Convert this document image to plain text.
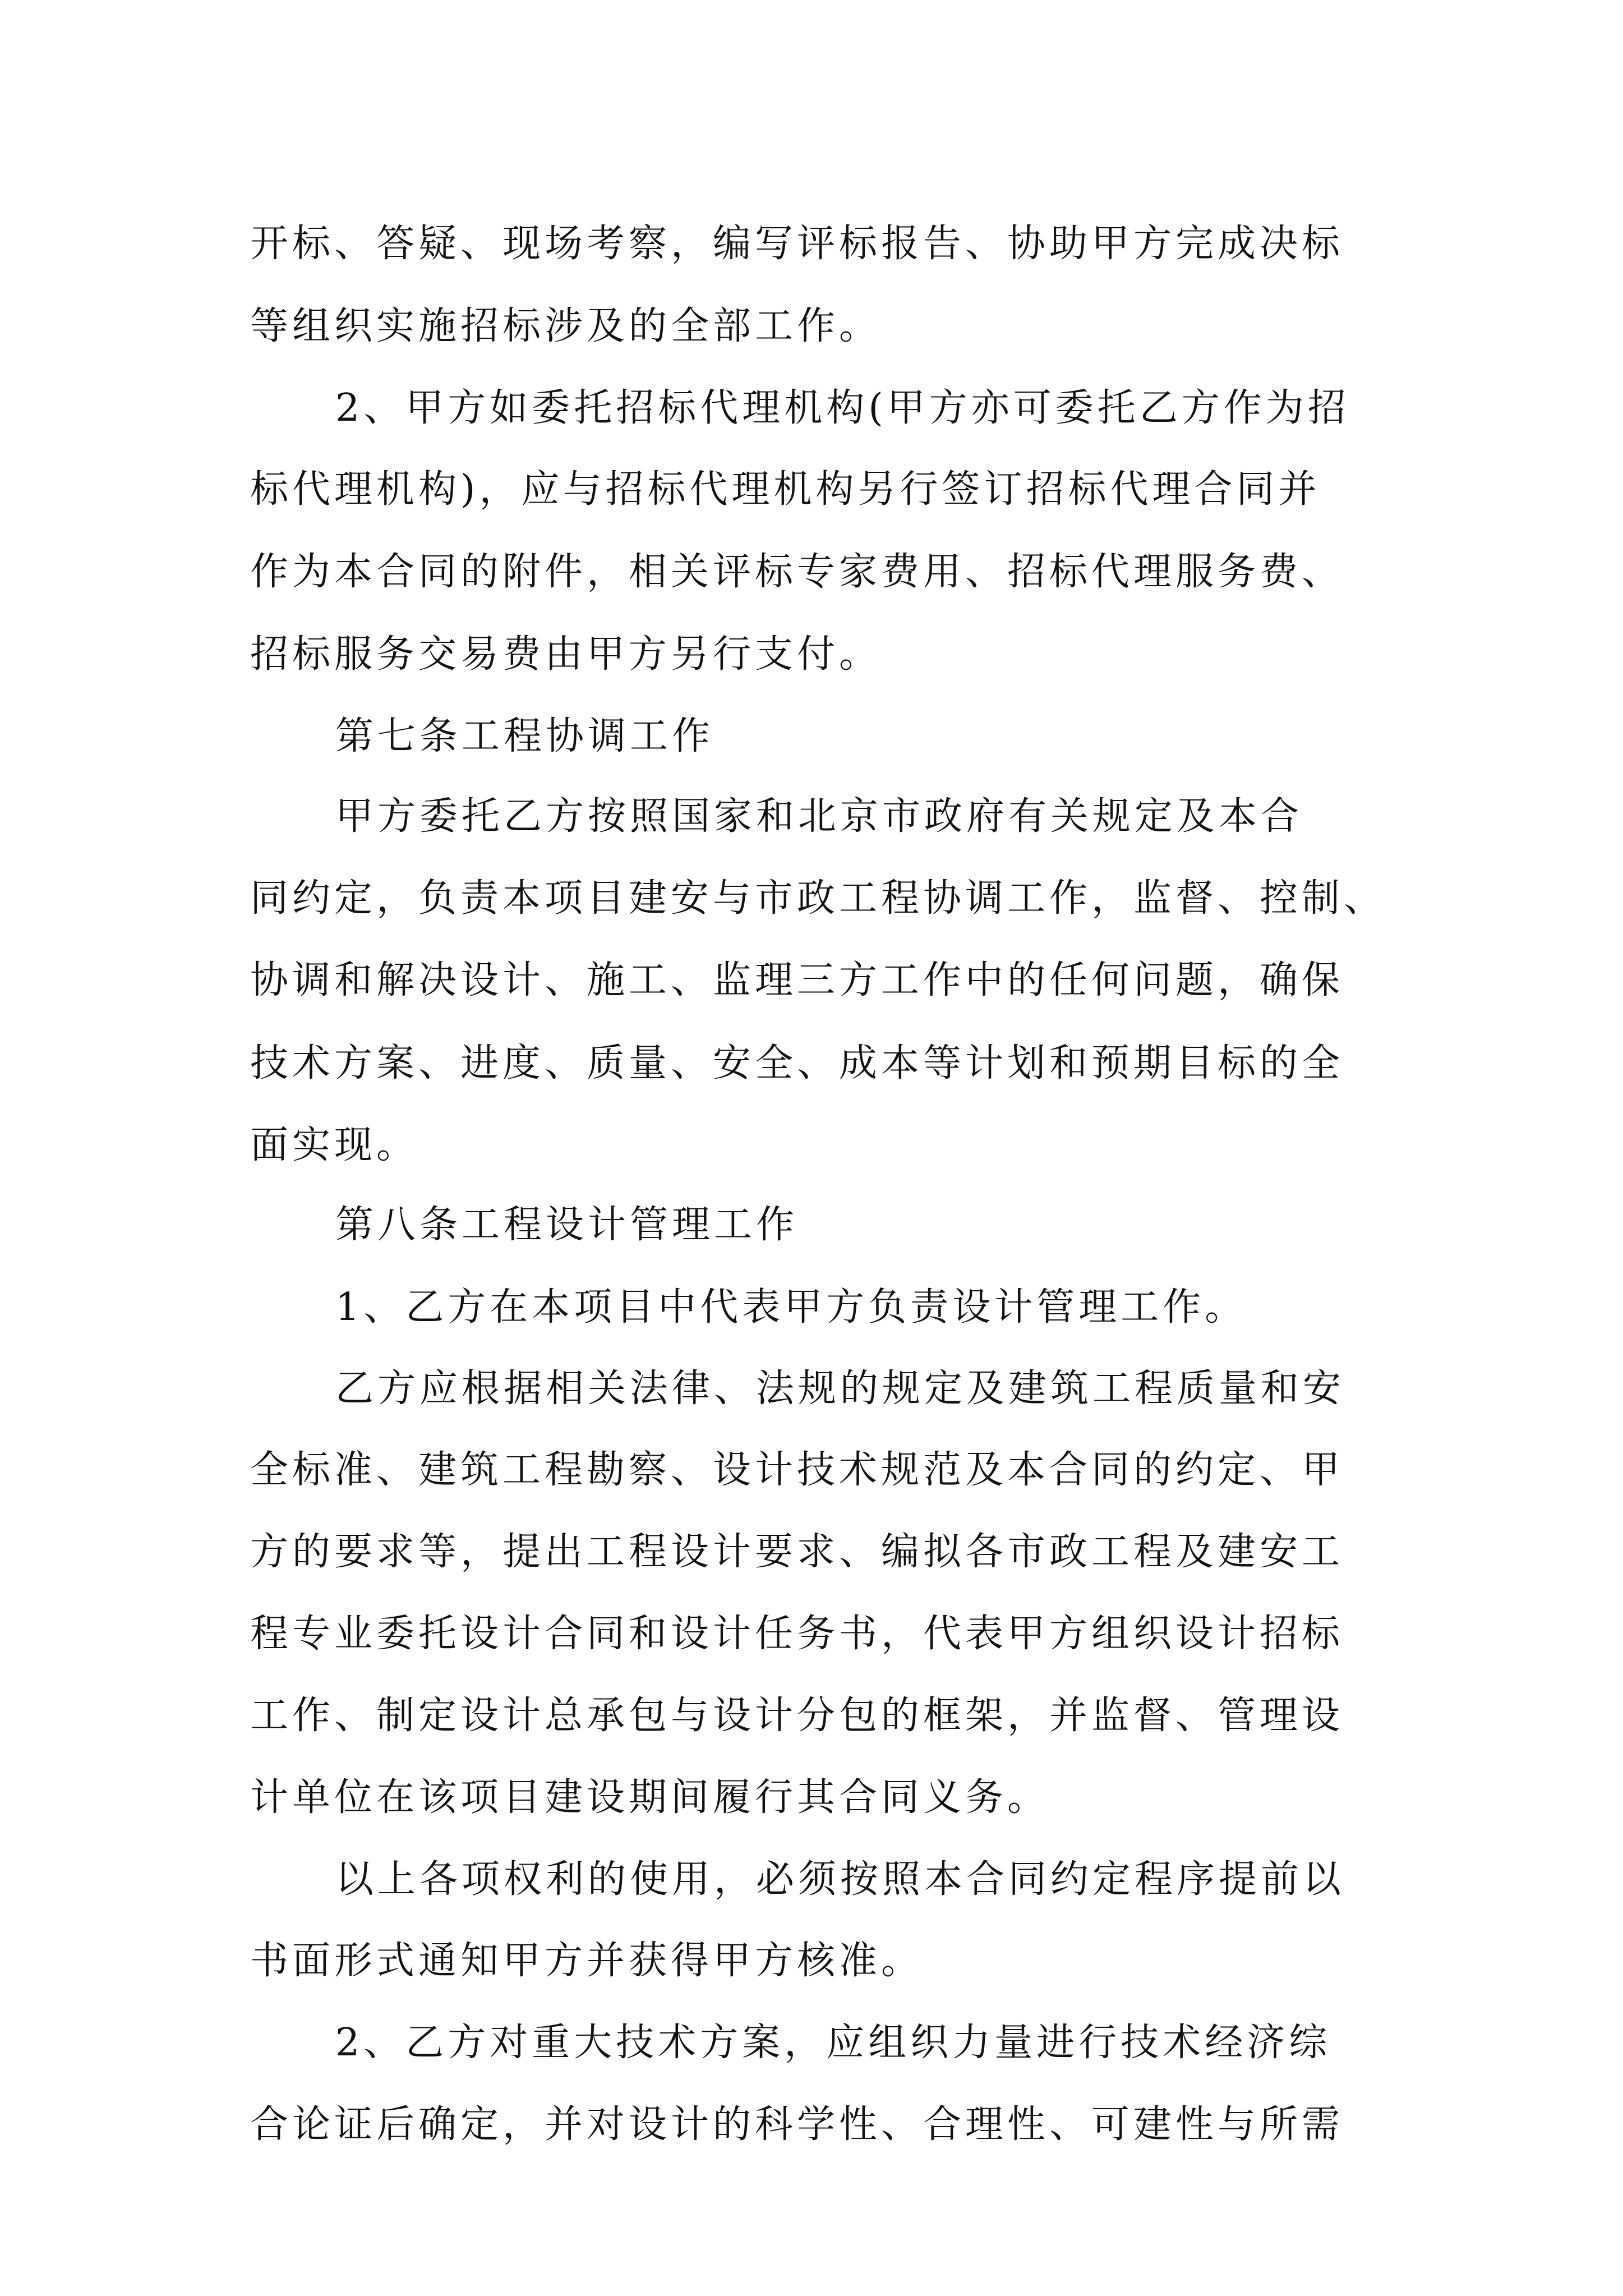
开标、答疑、现场考察，编写评标报告、协助甲方完成决标

等组织实施招标涉及的全部工作。

2、甲方如委托招标代理机构(甲方亦可委托乙方作为招

标代理机构)，应与招标代理机构另行签订招标代理合同并

作为本合同的附件，相关评标专家费用、招标代理服务费、

招标服务交易费由甲方另行支付。

第七条工程协调工作

甲方委托乙方按照国家和北京市政府有关规定及本合

同约定，负责本项目建安与市政工程协调工作，监督、控制、

协调和解决设计、施工、监理三方工作中的任何问题，确保

技术方案、进度、质量、安全、成本等计划和预期目标的全

面实现。

第八条工程设计管理工作

1、乙方在本项目中代表甲方负责设计管理工作。

乙方应根据相关法律、法规的规定及建筑工程质量和安

全标准、建筑工程勘察、设计技术规范及本合同的约定、甲

方的要求等，提出工程设计要求、编拟各市政工程及建安工

程专业委托设计合同和设计任务书，代表甲方组织设计招标

工作、制定设计总承包与设计分包的框架，并监督、管理设

计单位在该项目建设期间履行其合同义务。

以上各项权利的使用，必须按照本合同约定程序提前以

书面形式通知甲方并获得甲方核准。

2、乙方对重大技术方案，应组织力量进行技术经济综

合论证后确定，并对设计的科学性、合理性、可建性与所需
